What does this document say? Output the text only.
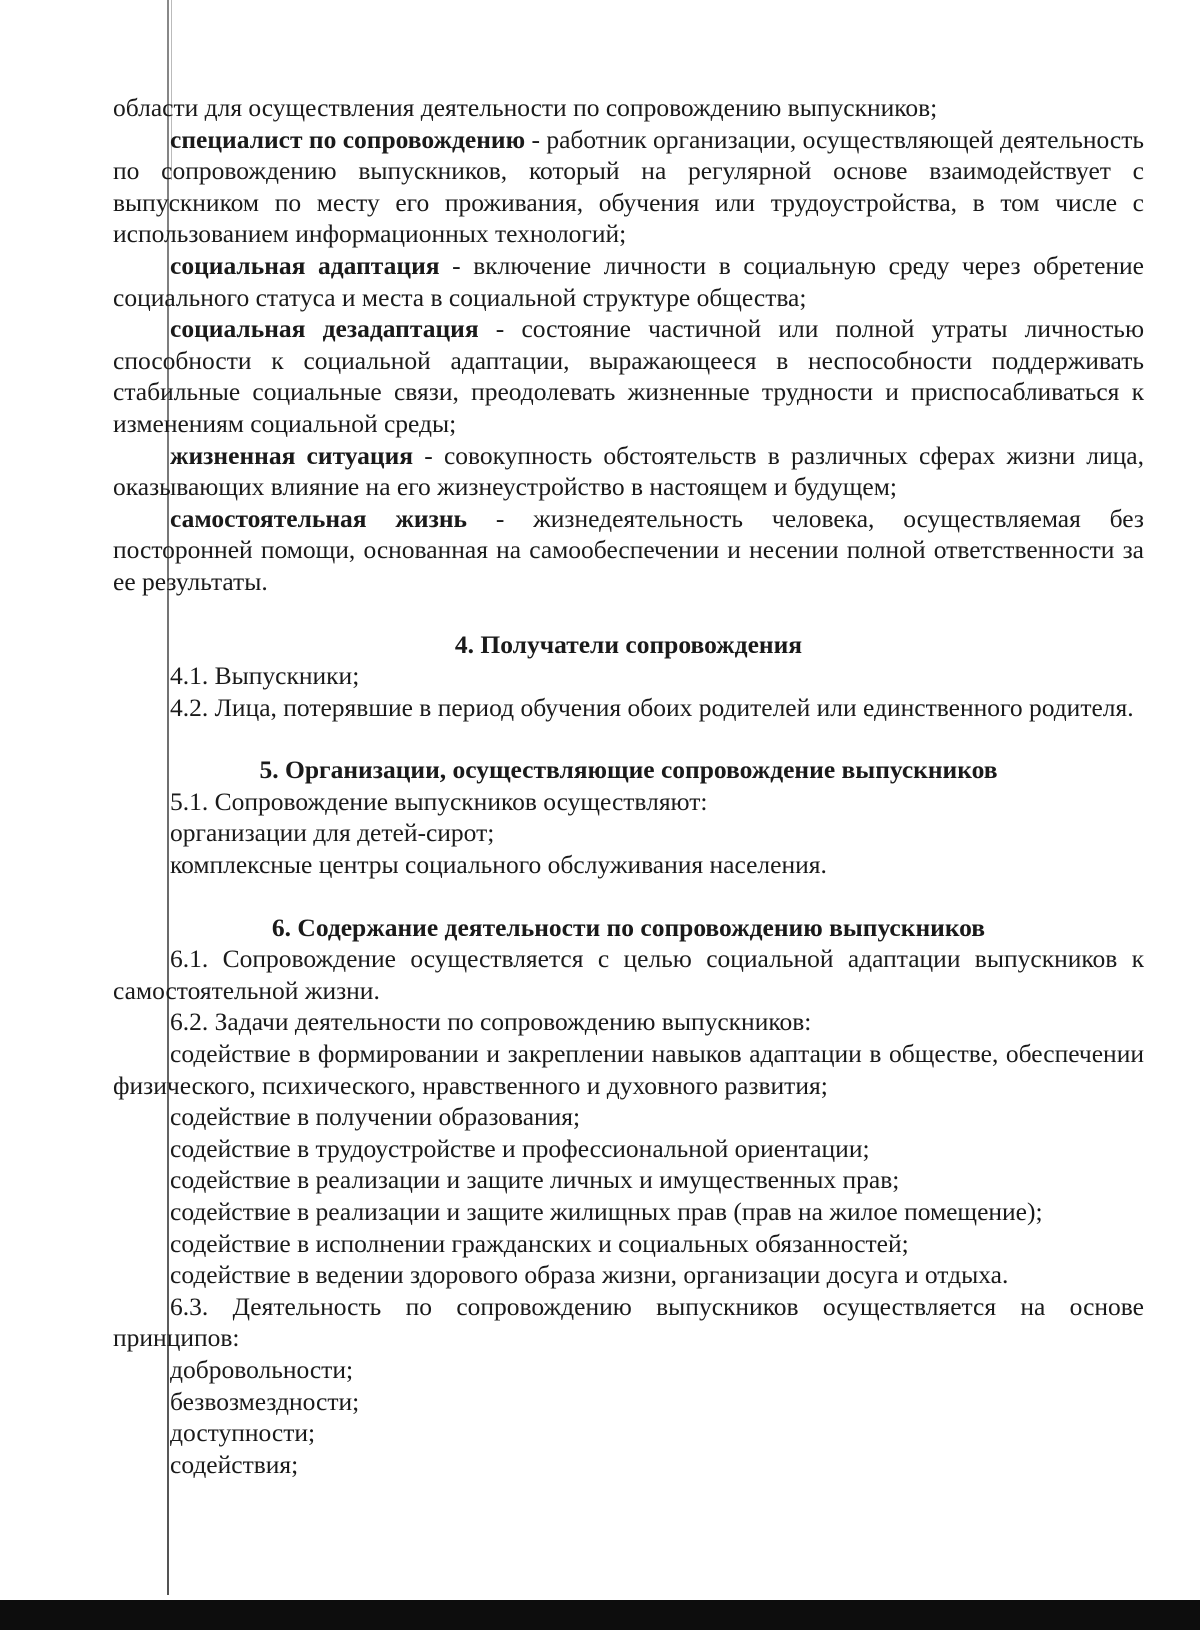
области для осуществления деятельности по сопровождению выпускников;

специалист по сопровождению - работник организации, осуществляющей деятельность по сопровождению выпускников, который на регулярной основе взаимодействует с выпускником по месту его проживания, обучения или трудоустройства, в том числе с использованием информационных технологий;

социальная адаптация - включение личности в социальную среду через обретение социального статуса и места в социальной структуре общества;

социальная дезадаптация - состояние частичной или полной утраты личностью способности к социальной адаптации, выражающееся в неспособности поддерживать стабильные социальные связи, преодолевать жизненные трудности и приспосабливаться к изменениям социальной среды;

жизненная ситуация - совокупность обстоятельств в различных сферах жизни лица, оказывающих влияние на его жизнеустройство в настоящем и будущем;

самостоятельная жизнь - жизнедеятельность человека, осуществляемая без посторонней помощи, основанная на самообеспечении и несении полной ответственности за ее результаты.

4. Получатели сопровождения

4.1. Выпускники;

4.2. Лица, потерявшие в период обучения обоих родителей или единственного родителя.

5. Организации, осуществляющие сопровождение выпускников

5.1. Сопровождение выпускников осуществляют:

организации для детей-сирот;

комплексные центры социального обслуживания населения.

6. Содержание деятельности по сопровождению выпускников

6.1. Сопровождение осуществляется с целью социальной адаптации выпускников к самостоятельной жизни.

6.2. Задачи деятельности по сопровождению выпускников:

содействие в формировании и закреплении навыков адаптации в обществе, обеспечении физического, психического, нравственного и духовного развития;

содействие в получении образования;

содействие в трудоустройстве и профессиональной ориентации;

содействие в реализации и защите личных и имущественных прав;

содействие в реализации и защите жилищных прав (прав на жилое помещение);

содействие в исполнении гражданских и социальных обязанностей;

содействие в ведении здорового образа жизни, организации досуга и отдыха.

6.3. Деятельность по сопровождению выпускников осуществляется на основе принципов:

добровольности;

безвозмездности;

доступности;

содействия;
